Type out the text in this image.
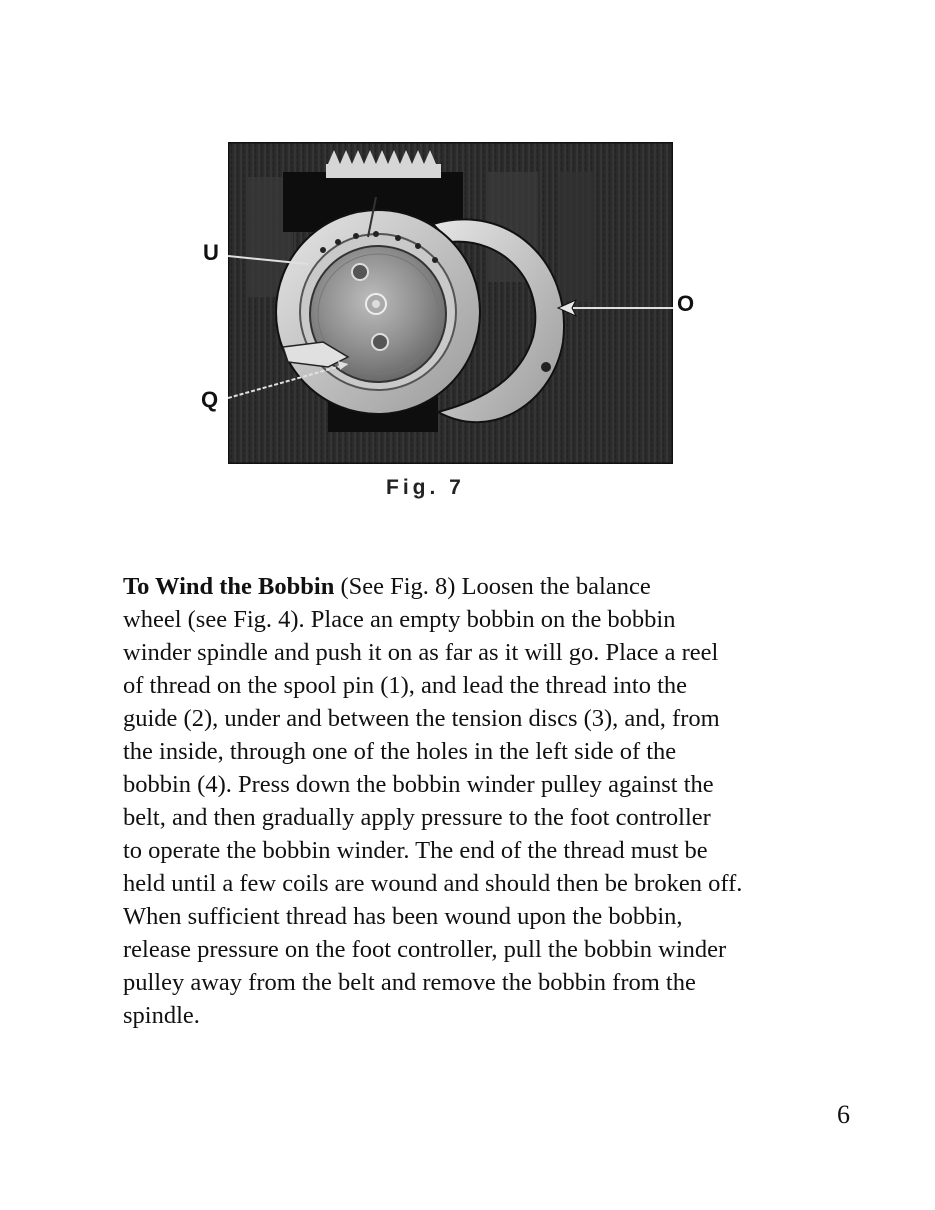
U
Q
O
Fig. 7
To Wind the Bobbin (See Fig. 8) Loosen the balance
wheel (see Fig. 4). Place an empty bobbin on the bobbin
winder spindle and push it on as far as it will go. Place a reel
of thread on the spool pin (1), and lead the thread into the
guide (2), under and between the tension discs (3), and, from
the inside, through one of the holes in the left side of the
bobbin (4). Press down the bobbin winder pulley against the
belt, and then gradually apply pressure to the foot controller
to operate the bobbin winder. The end of the thread must be
held until a few coils are wound and should then be broken off.
When sufficient thread has been wound upon the bobbin,
release pressure on the foot controller, pull the bobbin winder
pulley away from the belt and remove the bobbin from the
spindle.
6
